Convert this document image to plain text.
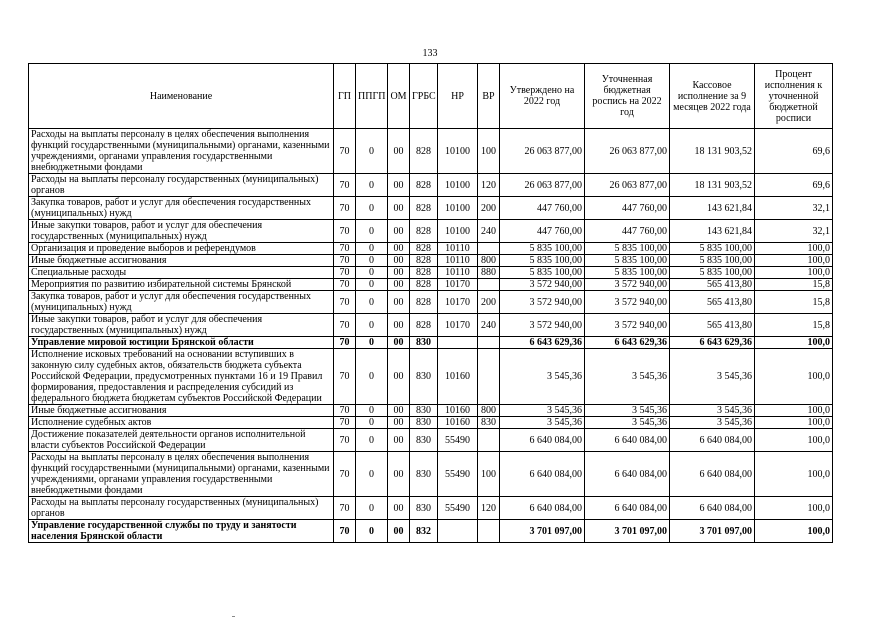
133
Наименование	ГП	ППГП	ОМ	ГРБС	НР	ВР	Утверждено на 2022 год	Уточненная бюджетная роспись на 2022 год	Кассовое исполнение за 9 месяцев 2022 года	Процент исполнения к уточненной бюджетной росписи
Расходы на выплаты персоналу в целях обеспечения выполнения функций государственными (муниципальными) органами, казенными учреждениями, органами управления государственными внебюджетными фондами	70	0	00	828	10100	100	26 063 877,00	26 063 877,00	18 131 903,52	69,6
Расходы на выплаты персоналу государственных (муниципальных) органов	70	0	00	828	10100	120	26 063 877,00	26 063 877,00	18 131 903,52	69,6
Закупка товаров, работ и услуг для обеспечения государственных (муниципальных) нужд	70	0	00	828	10100	200	447 760,00	447 760,00	143 621,84	32,1
Иные закупки товаров, работ и услуг для обеспечения государственных (муниципальных) нужд	70	0	00	828	10100	240	447 760,00	447 760,00	143 621,84	32,1
Организация и проведение выборов и референдумов	70	0	00	828	10110		5 835 100,00	5 835 100,00	5 835 100,00	100,0
Иные бюджетные ассигнования	70	0	00	828	10110	800	5 835 100,00	5 835 100,00	5 835 100,00	100,0
Специальные расходы	70	0	00	828	10110	880	5 835 100,00	5 835 100,00	5 835 100,00	100,0
Мероприятия по развитию избирательной системы Брянской	70	0	00	828	10170		3 572 940,00	3 572 940,00	565 413,80	15,8
Закупка товаров, работ и услуг для обеспечения государственных (муниципальных) нужд	70	0	00	828	10170	200	3 572 940,00	3 572 940,00	565 413,80	15,8
Иные закупки товаров, работ и услуг для обеспечения государственных (муниципальных) нужд	70	0	00	828	10170	240	3 572 940,00	3 572 940,00	565 413,80	15,8
Управление мировой юстиции Брянской области	70	0	00	830			6 643 629,36	6 643 629,36	6 643 629,36	100,0
Исполнение исковых требований на основании вступивших в законную силу судебных актов, обязательств бюджета субъекта Российской Федерации, предусмотренных пунктами 16 и 19 Правил формирования, предоставления и распределения субсидий из федерального бюджета бюджетам субъектов Российской Федерации	70	0	00	830	10160		3 545,36	3 545,36	3 545,36	100,0
Иные бюджетные ассигнования	70	0	00	830	10160	800	3 545,36	3 545,36	3 545,36	100,0
Исполнение судебных актов	70	0	00	830	10160	830	3 545,36	3 545,36	3 545,36	100,0
Достижение показателей деятельности органов исполнительной власти субъектов Российской Федерации	70	0	00	830	55490		6 640 084,00	6 640 084,00	6 640 084,00	100,0
Расходы на выплаты персоналу в целях обеспечения выполнения функций государственными (муниципальными) органами, казенными учреждениями, органами управления государственными внебюджетными фондами	70	0	00	830	55490	100	6 640 084,00	6 640 084,00	6 640 084,00	100,0
Расходы на выплаты персоналу государственных (муниципальных) органов	70	0	00	830	55490	120	6 640 084,00	6 640 084,00	6 640 084,00	100,0
Управление государственной службы по труду и занятости населения Брянской области	70	0	00	832			3 701 097,00	3 701 097,00	3 701 097,00	100,0
